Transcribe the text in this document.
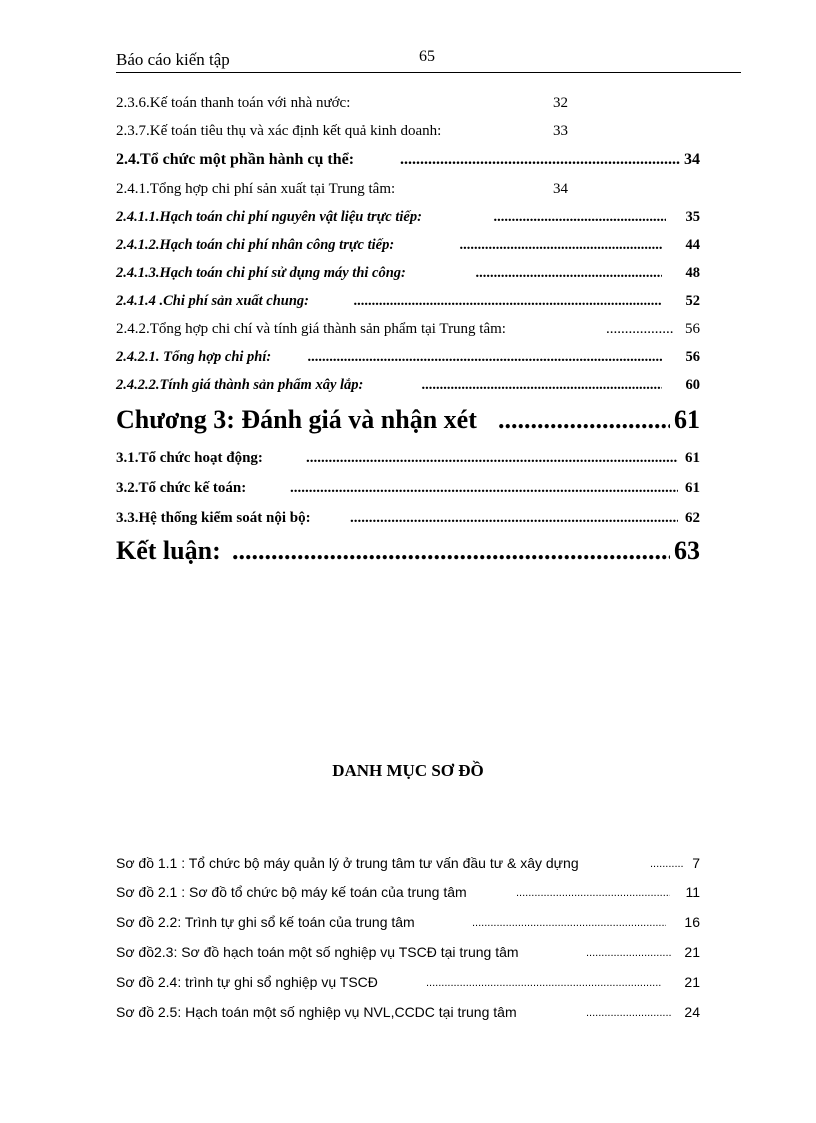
Báo cáo kiến tập	65
2.3.6.Kế toán thanh toán với nhà nước:	32
2.3.7.Kế toán tiêu thụ và xác định kết quả kinh doanh:	33
2.4.Tổ chức một phần hành cụ thể: .....	34
2.4.1.Tổng hợp chi phí sản xuất tại Trung tâm:	34
2.4.1.1.Hạch toán chi phí nguyên vật liệu trực tiếp: .....	35
2.4.1.2.Hạch toán chi phí nhân công trực tiếp: .....	44
2.4.1.3.Hạch toán chi phí sử dụng máy thi công: .....	48
2.4.1.4 .Chi phí sản xuất chung: .....	52
2.4.2.Tổng hợp chi chí và tính giá thành sản phẩm tại Trung tâm: .....	56
2.4.2.1. Tổng hợp chi phí: .....	56
2.4.2.2.Tính giá thành sản phẩm xây lắp: .....	60
Chương 3: Đánh giá và nhận xét .....	61
3.1.Tổ chức hoạt động: .....	61
3.2.Tổ chức kế toán: .....	61
3.3.Hệ thống kiểm soát nội bộ: .....	62
Kết luận: .....	63
DANH MỤC SƠ ĐỒ
Sơ đồ 1.1 : Tổ chức bộ máy quản lý ở trung tâm tư vấn đầu tư & xây dựng .....	7
Sơ đồ 2.1 : Sơ đồ tổ chức bộ máy kế toán của trung tâm .....	11
Sơ đồ 2.2: Trình tự ghi sổ kế toán của trung tâm .....	16
Sơ đồ2.3: Sơ đồ hạch toán một số nghiệp vụ TSCĐ tại trung tâm .....	21
Sơ đồ 2.4: trình tự ghi sổ nghiệp vụ TSCĐ .....	21
Sơ đồ 2.5: Hạch toán một số nghiệp vụ NVL,CCDC tại trung tâm .....	24
